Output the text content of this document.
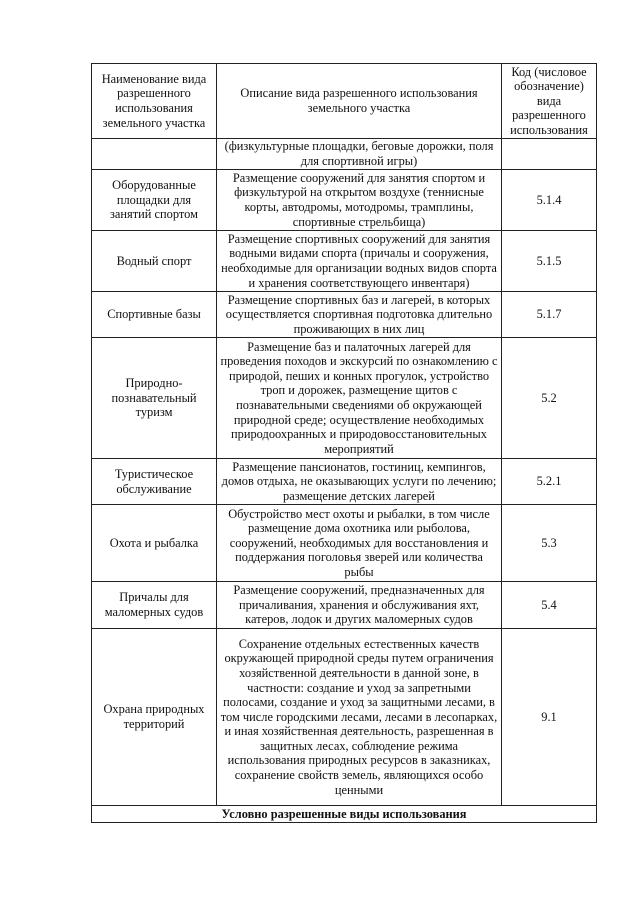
Наименование вида разрешенного использования земельного участка	Описание вида разрешенного использования земельного участка	Код (числовое обозначение) вида разрешенного использования
	(физкультурные площадки, беговые дорожки, поля для спортивной игры)	
Оборудованные площадки для занятий спортом	Размещение сооружений для занятия спортом и физкультурой на открытом воздухе (теннисные корты, автодромы, мотодромы, трамплины, спортивные стрельбища)	5.1.4
Водный спорт	Размещение спортивных сооружений для занятия водными видами спорта (причалы и сооружения, необходимые для организации водных видов спорта и хранения соответствующего инвентаря)	5.1.5
Спортивные базы	Размещение спортивных баз и лагерей, в которых осуществляется спортивная подготовка длительно проживающих в них лиц	5.1.7
Природно-познавательный туризм	Размещение баз и палаточных лагерей для проведения походов и экскурсий по ознакомлению с природой, пеших и конных прогулок, устройство троп и дорожек, размещение щитов с познавательными сведениями об окружающей природной среде; осуществление необходимых природоохранных и природовосстановительных мероприятий	5.2
Туристическое обслуживание	Размещение пансионатов, гостиниц, кемпингов, домов отдыха, не оказывающих услуги по лечению; размещение детских лагерей	5.2.1
Охота и рыбалка	Обустройство мест охоты и рыбалки, в том числе размещение дома охотника или рыболова, сооружений, необходимых для восстановления и поддержания поголовья зверей или количества рыбы	5.3
Причалы для маломерных судов	Размещение сооружений, предназначенных для причаливания, хранения и обслуживания яхт, катеров, лодок и других маломерных судов	5.4
Охрана природных территорий	Сохранение отдельных естественных качеств окружающей природной среды путем ограничения хозяйственной деятельности в данной зоне, в частности: создание и уход за запретными полосами, создание и уход за защитными лесами, в том числе городскими лесами, лесами в лесопарках, и иная хозяйственная деятельность, разрешенная в защитных лесах, соблюдение режима использования природных ресурсов в заказниках, сохранение свойств земель, являющихся особо ценными	9.1
Условно разрешенные виды использования		
